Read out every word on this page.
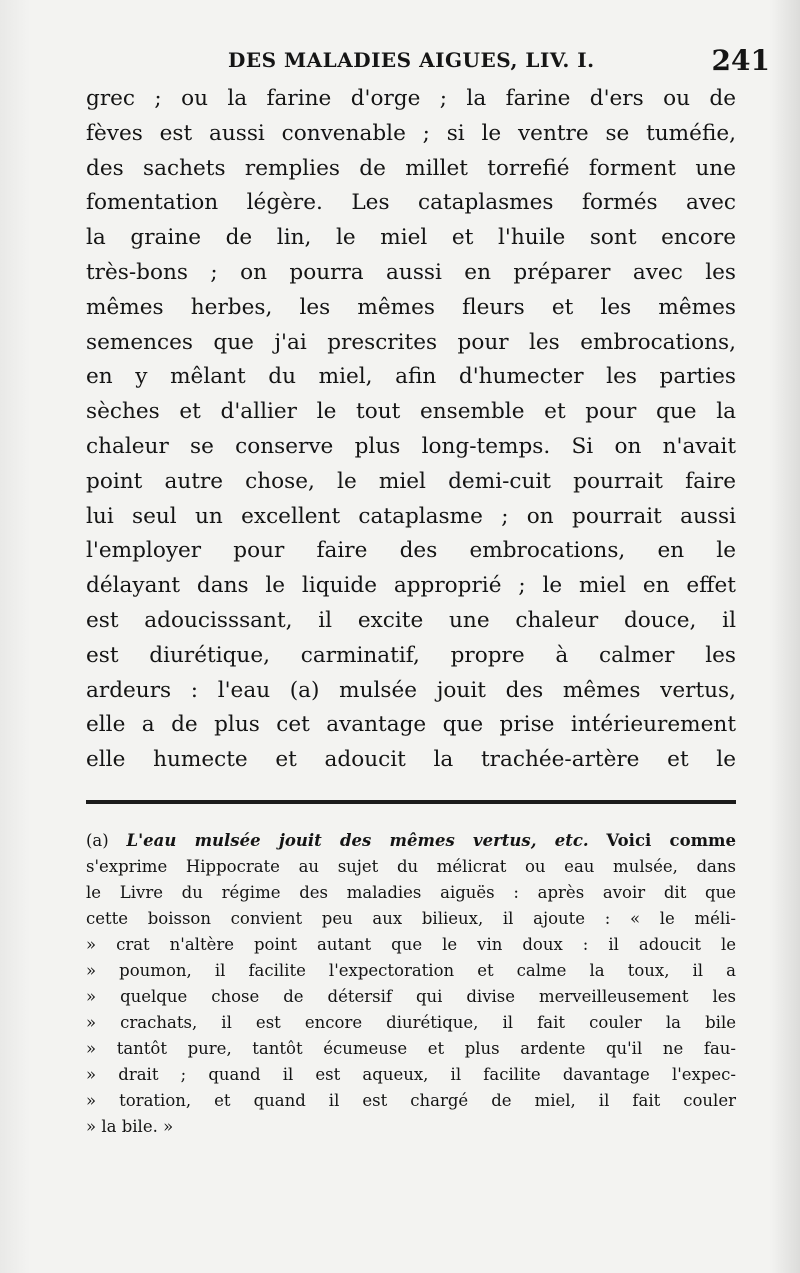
DES MALADIES AIGUES, LIV. I.	241
grec ; ou la farine d'orge ; la farine d'ers ou de
fèves est aussi convenable ; si le ventre se tuméfie,
des sachets remplies de millet torrefié forment une
fomentation légère. Les cataplasmes formés avec
la graine de lin, le miel et l'huile sont encore
très-bons ; on pourra aussi en préparer avec les
mêmes herbes, les mêmes fleurs et les mêmes
semences que j'ai prescrites pour les embrocations,
en y mêlant du miel, afin d'humecter les parties
sèches et d'allier le tout ensemble et pour que la
chaleur se conserve plus long-temps. Si on n'avait
point autre chose, le miel demi-cuit pourrait faire
lui seul un excellent cataplasme ; on pourrait aussi
l'employer pour faire des embrocations, en le
délayant dans le liquide approprié ; le miel en effet
est adoucisssant, il excite une chaleur douce, il
est diurétique, carminatif, propre à calmer les
ardeurs : l'eau (a) mulsée jouit des mêmes vertus,
elle a de plus cet avantage que prise intérieurement
elle humecte et adoucit la trachée-artère et le
(a) L'eau mulsée jouit des mêmes vertus, etc. Voici comme
s'exprime Hippocrate au sujet du mélicrat ou eau mulsée, dans
le Livre du régime des maladies aiguës : après avoir dit que
cette boisson convient peu aux bilieux, il ajoute : « le méli-
» crat n'altère point autant que le vin doux : il adoucit le
» poumon, il facilite l'expectoration et calme la toux, il a
» quelque chose de détersif qui divise merveilleusement les
» crachats, il est encore diurétique, il fait couler la bile
» tantôt pure, tantôt écumeuse et plus ardente qu'il ne fau-
» drait ; quand il est aqueux, il facilite davantage l'expec-
» toration, et quand il est chargé de miel, il fait couler
» la bile. »
